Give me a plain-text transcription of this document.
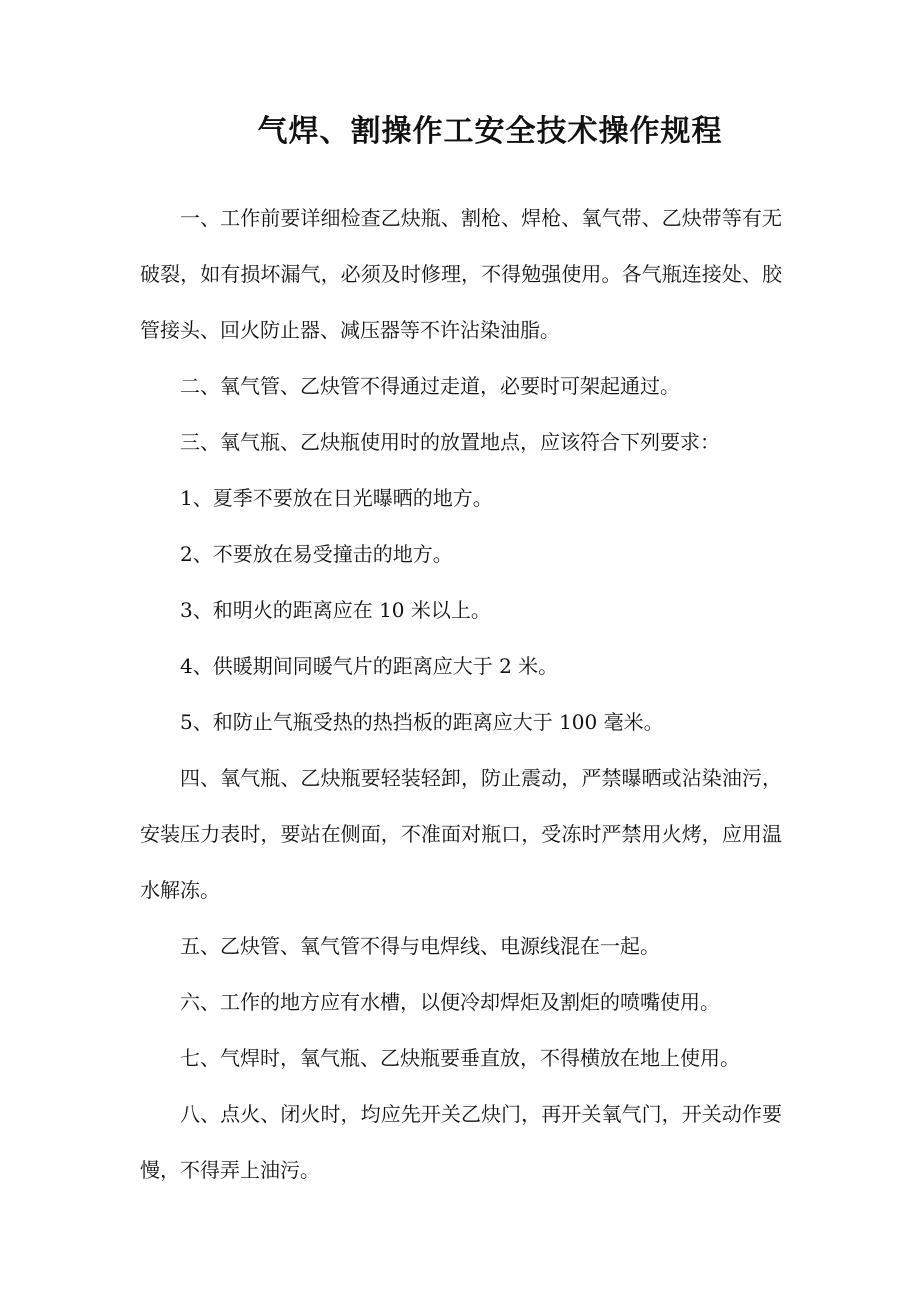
气焊、割操作工安全技术操作规程

一、工作前要详细检查乙炔瓶、割枪、焊枪、氧气带、乙炔带等有无破裂，如有损坏漏气，必须及时修理，不得勉强使用。各气瓶连接处、胶管接头、回火防止器、减压器等不许沾染油脂。

二、氧气管、乙炔管不得通过走道，必要时可架起通过。

三、氧气瓶、乙炔瓶使用时的放置地点，应该符合下列要求：

1、夏季不要放在日光曝晒的地方。

2、不要放在易受撞击的地方。

3、和明火的距离应在 10 米以上。

4、供暖期间同暖气片的距离应大于 2 米。

5、和防止气瓶受热的热挡板的距离应大于 100 毫米。

四、氧气瓶、乙炔瓶要轻装轻卸，防止震动，严禁曝晒或沾染油污，安装压力表时，要站在侧面，不准面对瓶口，受冻时严禁用火烤，应用温水解冻。

五、乙炔管、氧气管不得与电焊线、电源线混在一起。

六、工作的地方应有水槽，以便冷却焊炬及割炬的喷嘴使用。

七、气焊时，氧气瓶、乙炔瓶要垂直放，不得横放在地上使用。

八、点火、闭火时，均应先开关乙炔门，再开关氧气门，开关动作要慢，不得弄上油污。
